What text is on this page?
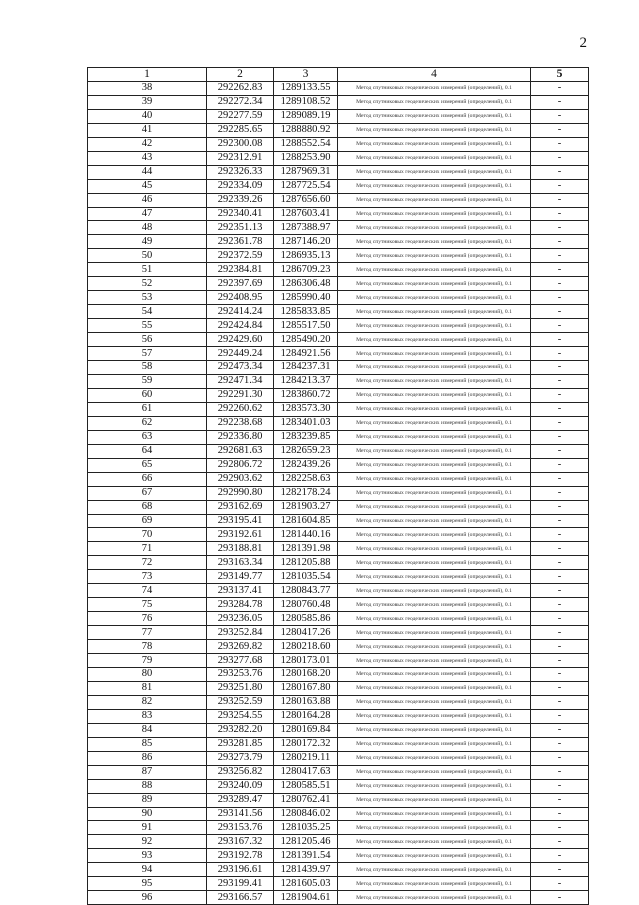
2
1	2	3	4	5
38	292262.83	1289133.55	Метод спутниковых геодезических измерений (определений), 0.1	-
39	292272.34	1289108.52	Метод спутниковых геодезических измерений (определений), 0.1	-
40	292277.59	1289089.19	Метод спутниковых геодезических измерений (определений), 0.1	-
41	292285.65	1288880.92	Метод спутниковых геодезических измерений (определений), 0.1	-
42	292300.08	1288552.54	Метод спутниковых геодезических измерений (определений), 0.1	-
43	292312.91	1288253.90	Метод спутниковых геодезических измерений (определений), 0.1	-
44	292326.33	1287969.31	Метод спутниковых геодезических измерений (определений), 0.1	-
45	292334.09	1287725.54	Метод спутниковых геодезических измерений (определений), 0.1	-
46	292339.26	1287656.60	Метод спутниковых геодезических измерений (определений), 0.1	-
47	292340.41	1287603.41	Метод спутниковых геодезических измерений (определений), 0.1	-
48	292351.13	1287388.97	Метод спутниковых геодезических измерений (определений), 0.1	-
49	292361.78	1287146.20	Метод спутниковых геодезических измерений (определений), 0.1	-
50	292372.59	1286935.13	Метод спутниковых геодезических измерений (определений), 0.1	-
51	292384.81	1286709.23	Метод спутниковых геодезических измерений (определений), 0.1	-
52	292397.69	1286306.48	Метод спутниковых геодезических измерений (определений), 0.1	-
53	292408.95	1285990.40	Метод спутниковых геодезических измерений (определений), 0.1	-
54	292414.24	1285833.85	Метод спутниковых геодезических измерений (определений), 0.1	-
55	292424.84	1285517.50	Метод спутниковых геодезических измерений (определений), 0.1	-
56	292429.60	1285490.20	Метод спутниковых геодезических измерений (определений), 0.1	-
57	292449.24	1284921.56	Метод спутниковых геодезических измерений (определений), 0.1	-
58	292473.34	1284237.31	Метод спутниковых геодезических измерений (определений), 0.1	-
59	292471.34	1284213.37	Метод спутниковых геодезических измерений (определений), 0.1	-
60	292291.30	1283860.72	Метод спутниковых геодезических измерений (определений), 0.1	-
61	292260.62	1283573.30	Метод спутниковых геодезических измерений (определений), 0.1	-
62	292238.68	1283401.03	Метод спутниковых геодезических измерений (определений), 0.1	-
63	292336.80	1283239.85	Метод спутниковых геодезических измерений (определений), 0.1	-
64	292681.63	1282659.23	Метод спутниковых геодезических измерений (определений), 0.1	-
65	292806.72	1282439.26	Метод спутниковых геодезических измерений (определений), 0.1	-
66	292903.62	1282258.63	Метод спутниковых геодезических измерений (определений), 0.1	-
67	292990.80	1282178.24	Метод спутниковых геодезических измерений (определений), 0.1	-
68	293162.69	1281903.27	Метод спутниковых геодезических измерений (определений), 0.1	-
69	293195.41	1281604.85	Метод спутниковых геодезических измерений (определений), 0.1	-
70	293192.61	1281440.16	Метод спутниковых геодезических измерений (определений), 0.1	-
71	293188.81	1281391.98	Метод спутниковых геодезических измерений (определений), 0.1	-
72	293163.34	1281205.88	Метод спутниковых геодезических измерений (определений), 0.1	-
73	293149.77	1281035.54	Метод спутниковых геодезических измерений (определений), 0.1	-
74	293137.41	1280843.77	Метод спутниковых геодезических измерений (определений), 0.1	-
75	293284.78	1280760.48	Метод спутниковых геодезических измерений (определений), 0.1	-
76	293236.05	1280585.86	Метод спутниковых геодезических измерений (определений), 0.1	-
77	293252.84	1280417.26	Метод спутниковых геодезических измерений (определений), 0.1	-
78	293269.82	1280218.60	Метод спутниковых геодезических измерений (определений), 0.1	-
79	293277.68	1280173.01	Метод спутниковых геодезических измерений (определений), 0.1	-
80	293253.76	1280168.20	Метод спутниковых геодезических измерений (определений), 0.1	-
81	293251.80	1280167.80	Метод спутниковых геодезических измерений (определений), 0.1	-
82	293252.59	1280163.88	Метод спутниковых геодезических измерений (определений), 0.1	-
83	293254.55	1280164.28	Метод спутниковых геодезических измерений (определений), 0.1	-
84	293282.20	1280169.84	Метод спутниковых геодезических измерений (определений), 0.1	-
85	293281.85	1280172.32	Метод спутниковых геодезических измерений (определений), 0.1	-
86	293273.79	1280219.11	Метод спутниковых геодезических измерений (определений), 0.1	-
87	293256.82	1280417.63	Метод спутниковых геодезических измерений (определений), 0.1	-
88	293240.09	1280585.51	Метод спутниковых геодезических измерений (определений), 0.1	-
89	293289.47	1280762.41	Метод спутниковых геодезических измерений (определений), 0.1	-
90	293141.56	1280846.02	Метод спутниковых геодезических измерений (определений), 0.1	-
91	293153.76	1281035.25	Метод спутниковых геодезических измерений (определений), 0.1	-
92	293167.32	1281205.46	Метод спутниковых геодезических измерений (определений), 0.1	-
93	293192.78	1281391.54	Метод спутниковых геодезических измерений (определений), 0.1	-
94	293196.61	1281439.97	Метод спутниковых геодезических измерений (определений), 0.1	-
95	293199.41	1281605.03	Метод спутниковых геодезических измерений (определений), 0.1	-
96	293166.57	1281904.61	Метод спутниковых геодезических измерений (определений), 0.1	-
